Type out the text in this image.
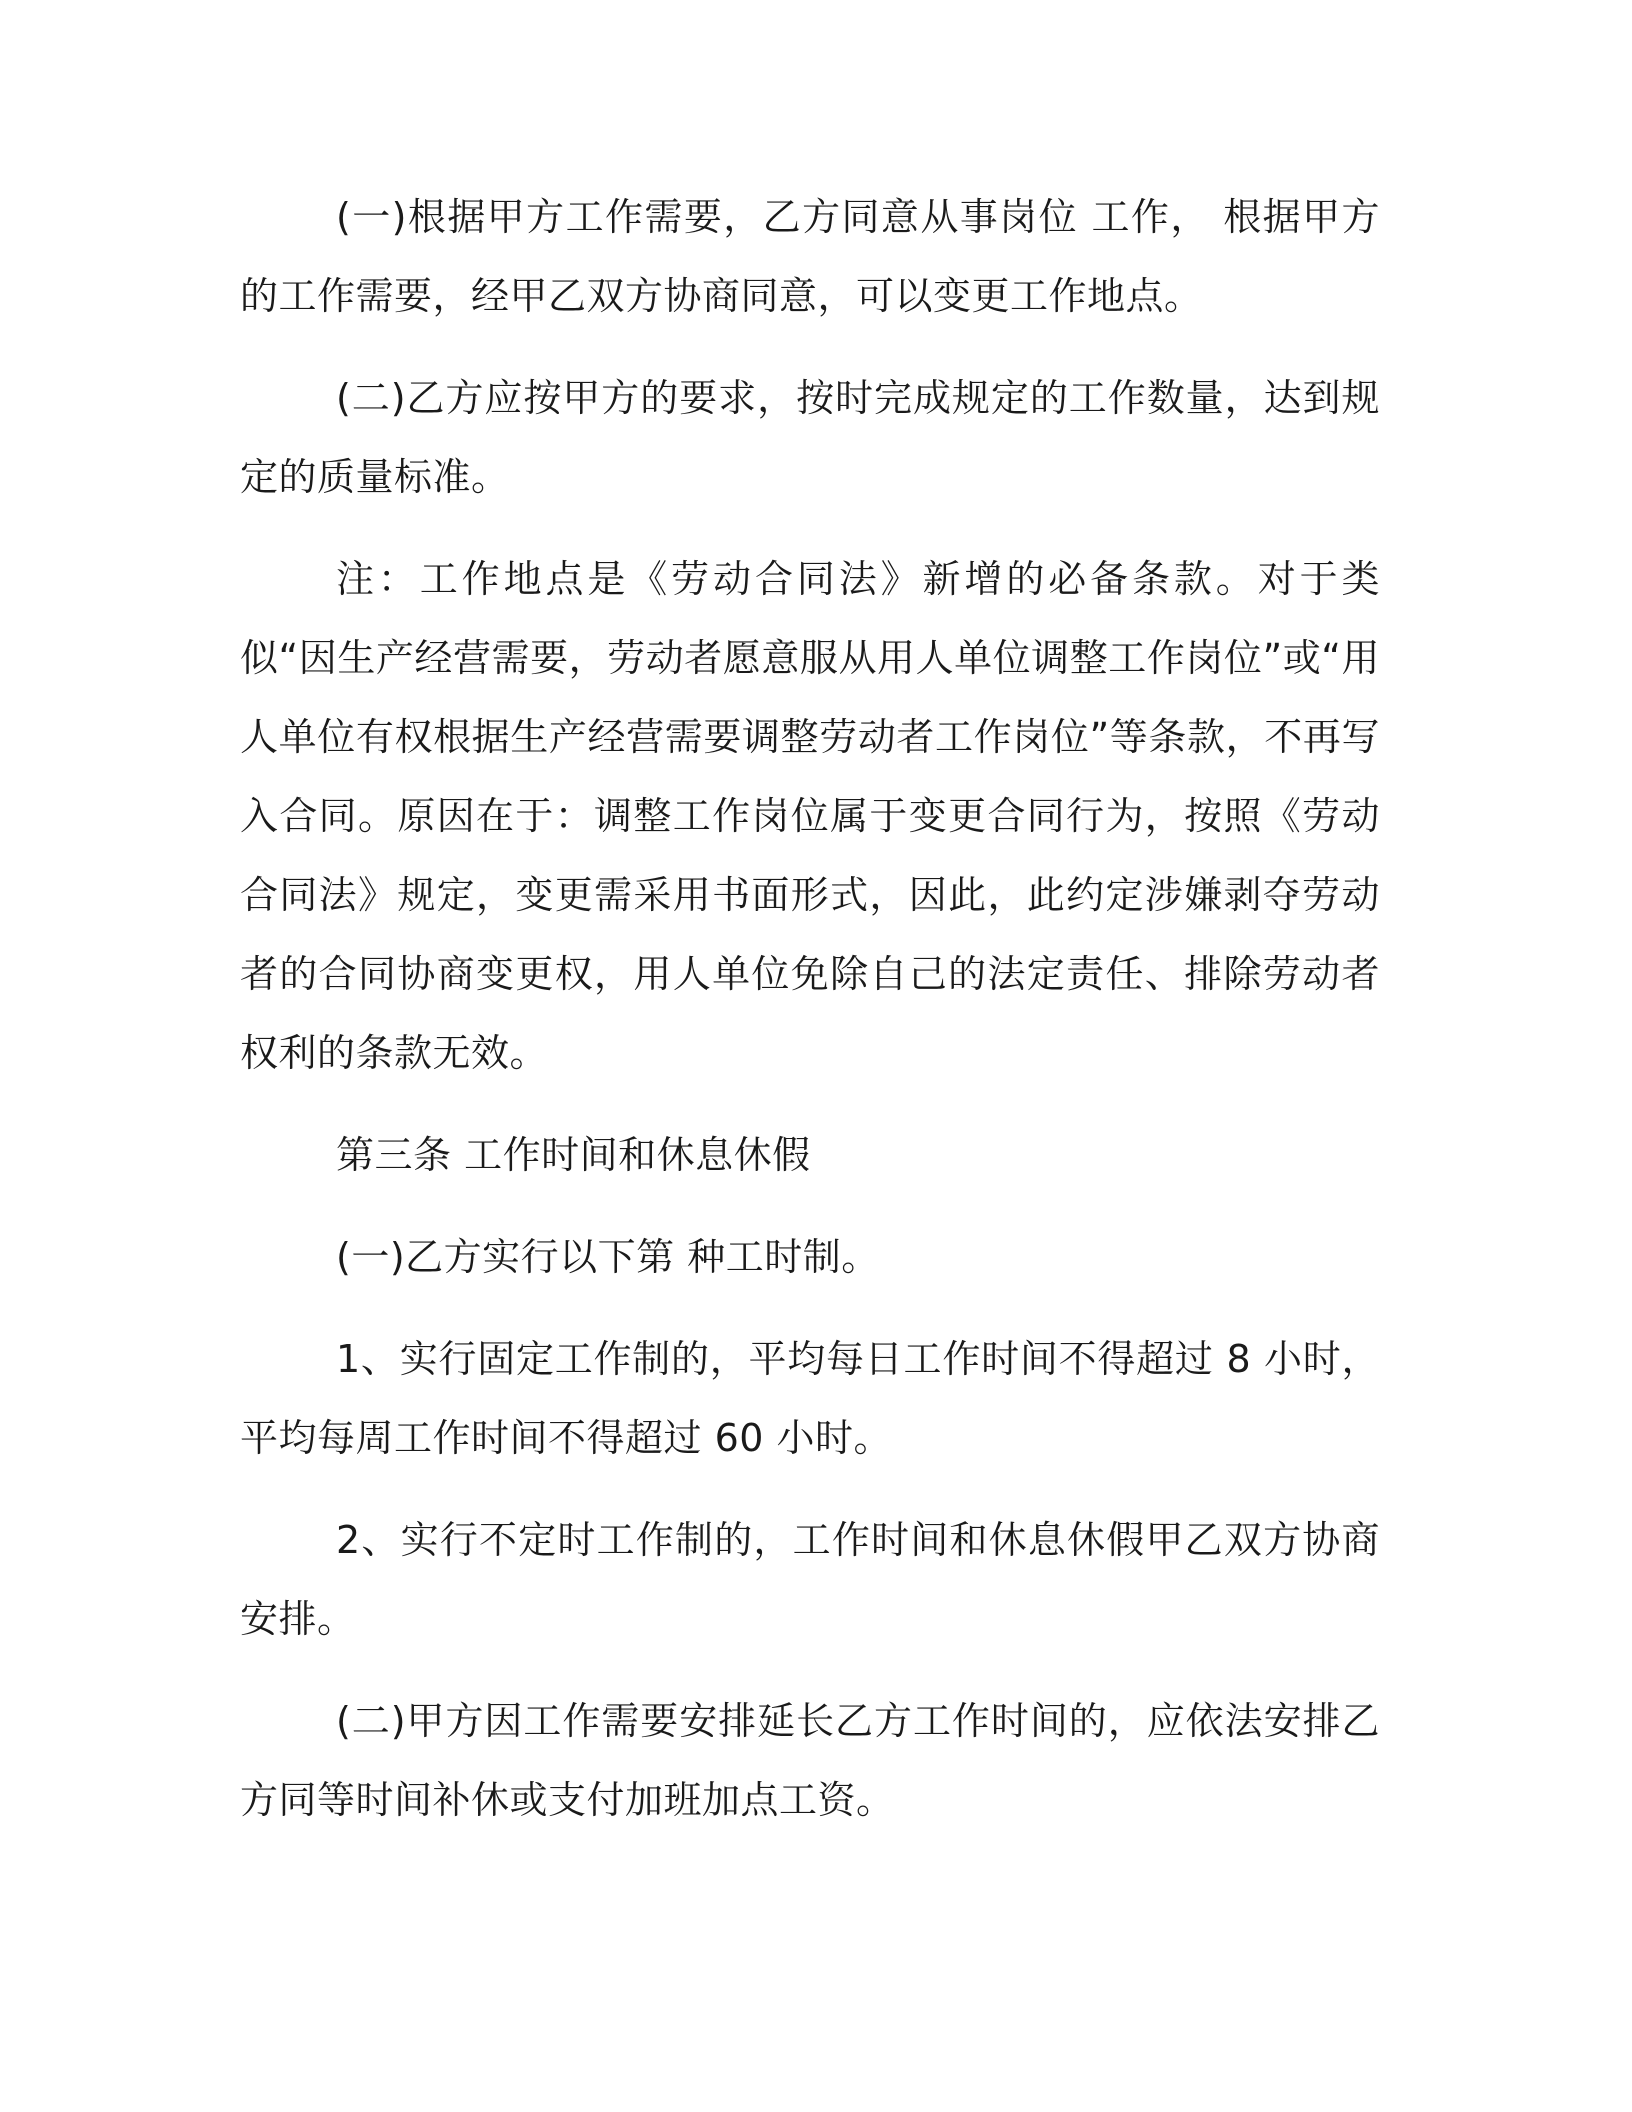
(一)根据甲方工作需要，乙方同意从事岗位 工作， 根据甲方的工作需要，经甲乙双方协商同意，可以变更工作地点。

(二)乙方应按甲方的要求，按时完成规定的工作数量，达到规定的质量标准。

注：工作地点是《劳动合同法》新增的必备条款。对于类似“因生产经营需要，劳动者愿意服从用人单位调整工作岗位”或“用人单位有权根据生产经营需要调整劳动者工作岗位”等条款，不再写入合同。原因在于：调整工作岗位属于变更合同行为，按照《劳动合同法》规定，变更需采用书面形式，因此，此约定涉嫌剥夺劳动者的合同协商变更权，用人单位免除自己的法定责任、排除劳动者权利的条款无效。

第三条 工作时间和休息休假

(一)乙方实行以下第 种工时制。

1、实行固定工作制的，平均每日工作时间不得超过 8 小时，平均每周工作时间不得超过 60 小时。

2、实行不定时工作制的，工作时间和休息休假甲乙双方协商安排。

(二)甲方因工作需要安排延长乙方工作时间的，应依法安排乙方同等时间补休或支付加班加点工资。
